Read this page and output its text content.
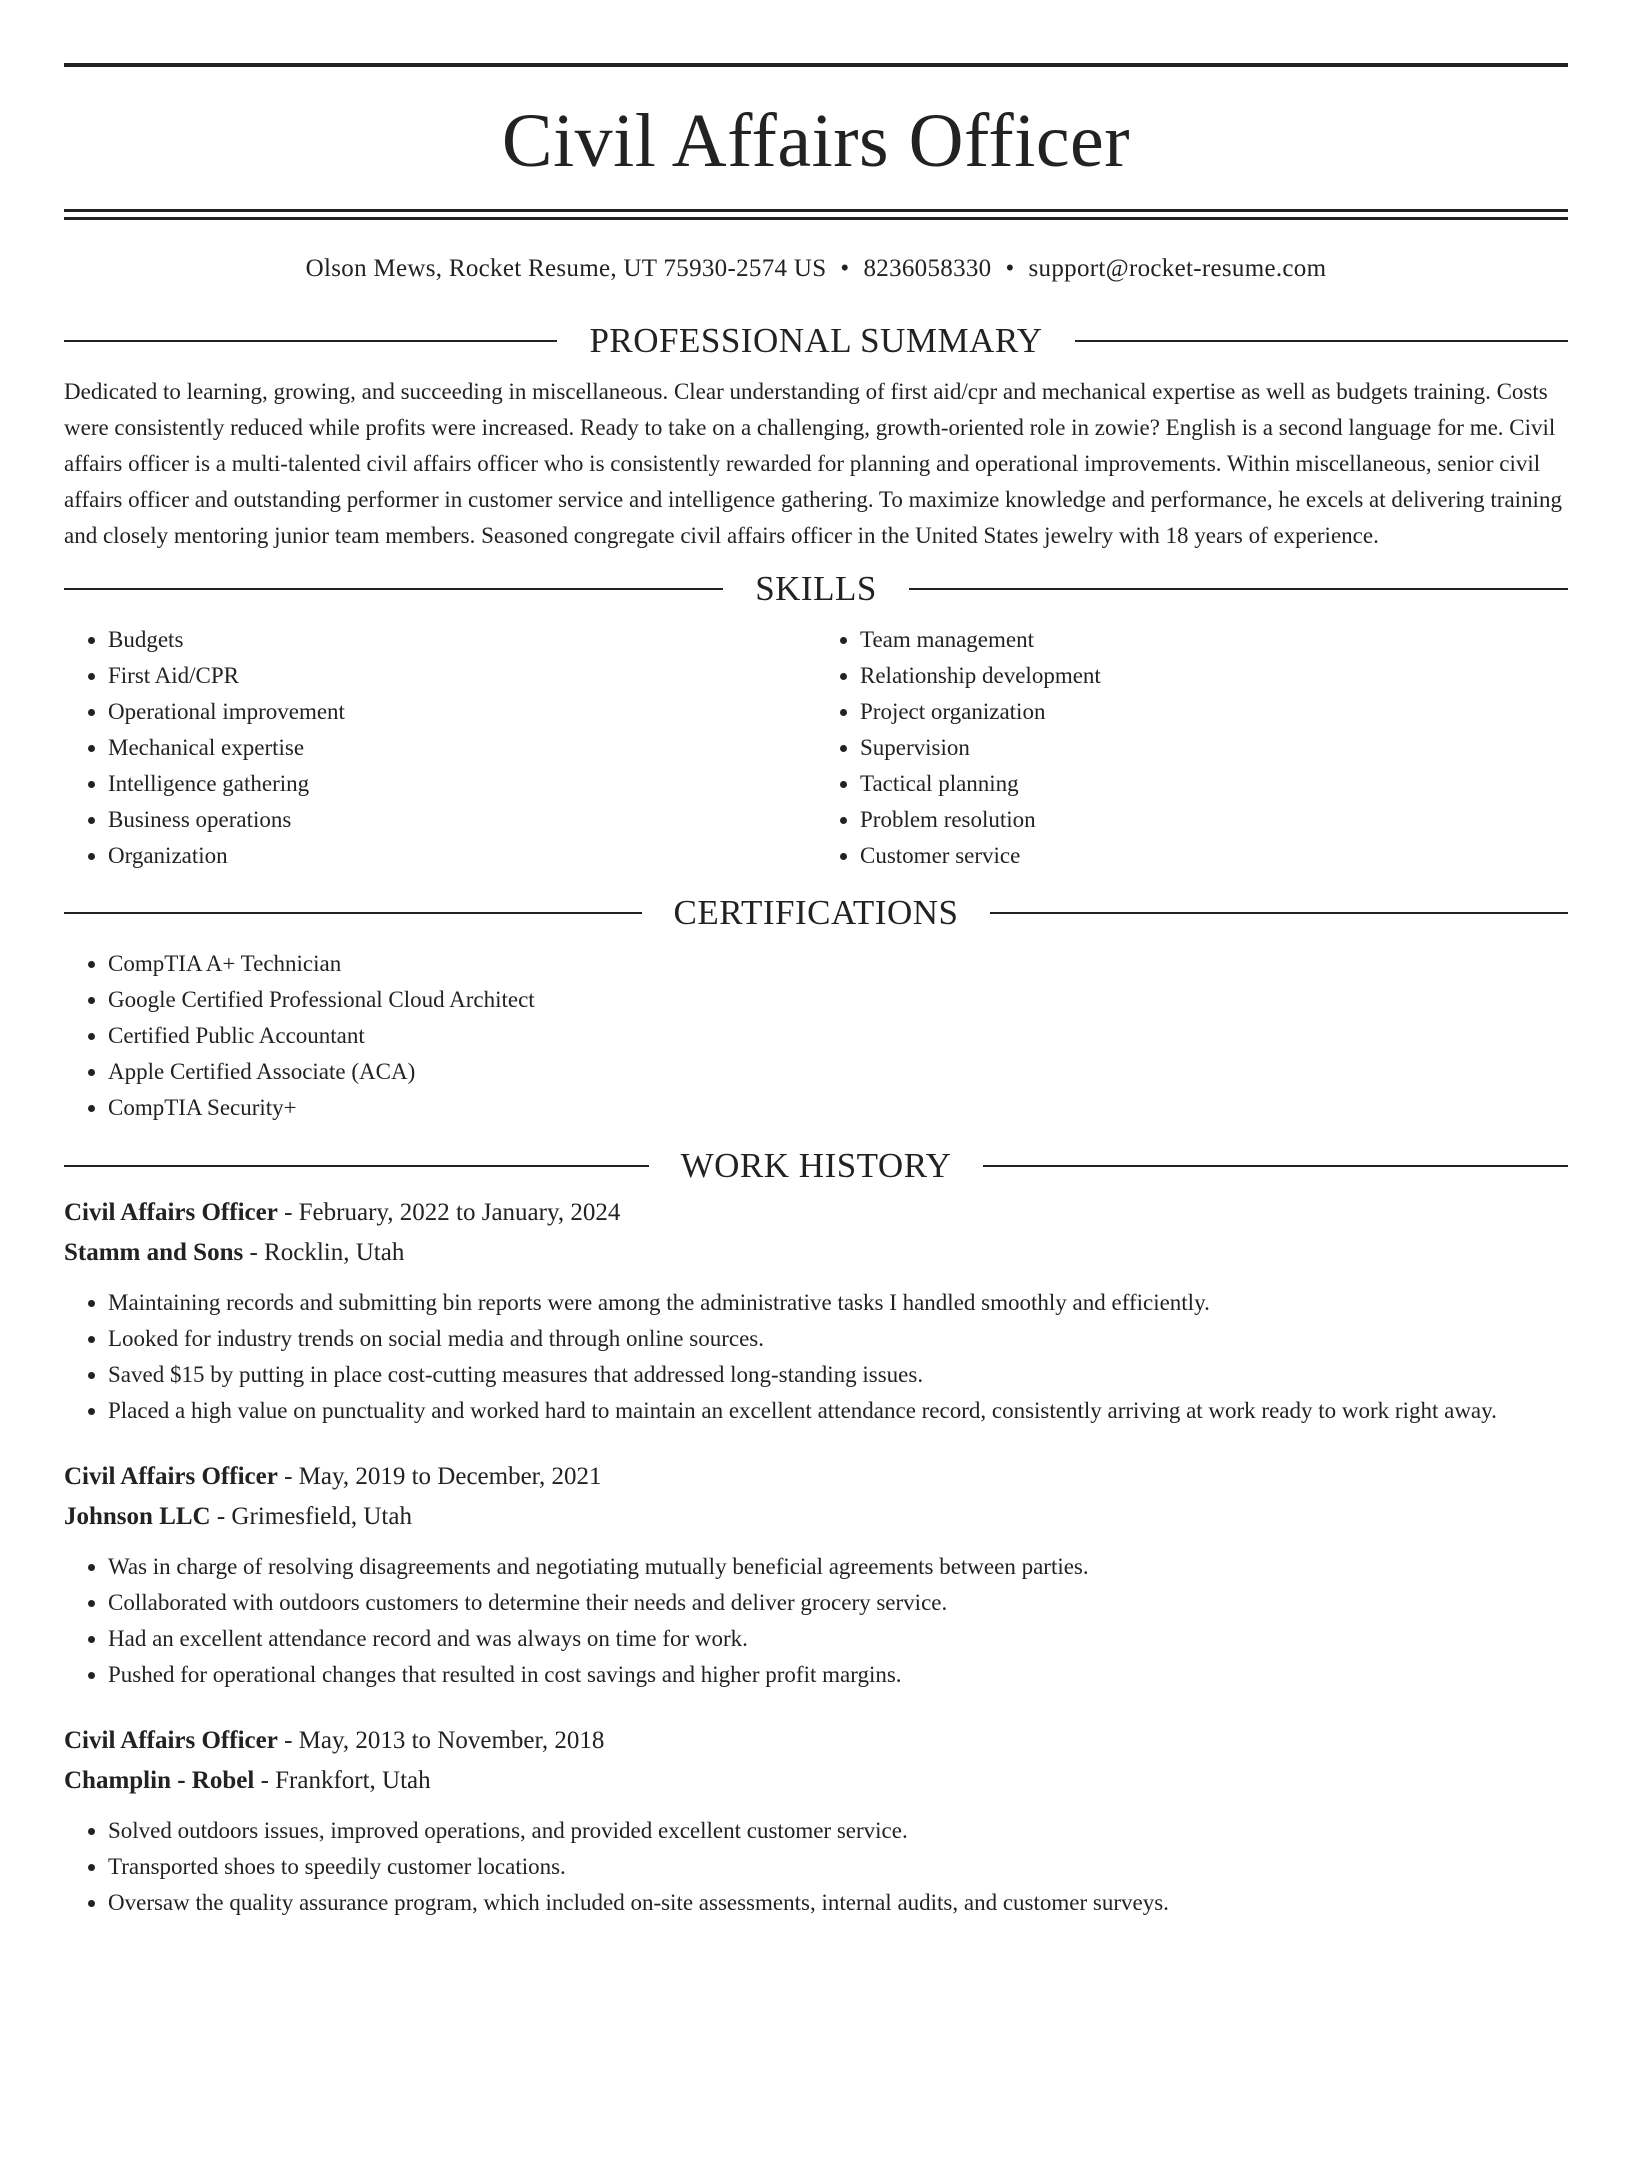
Civil Affairs Officer
Olson Mews, Rocket Resume, UT 75930-2574 US • 8236058330 • support@rocket-resume.com
PROFESSIONAL SUMMARY

Dedicated to learning, growing, and succeeding in miscellaneous. Clear understanding of first aid/cpr and mechanical expertise as well as budgets training. Costs were consistently reduced while profits were increased. Ready to take on a challenging, growth-oriented role in zowie? English is a second language for me. Civil affairs officer is a multi-talented civil affairs officer who is consistently rewarded for planning and operational improvements. Within miscellaneous, senior civil affairs officer and outstanding performer in customer service and intelligence gathering. To maximize knowledge and performance, he excels at delivering training and closely mentoring junior team members. Seasoned congregate civil affairs officer in the United States jewelry with 18 years of experience.

SKILLS
• Budgets
• First Aid/CPR
• Operational improvement
• Mechanical expertise
• Intelligence gathering
• Business operations
• Organization
• Team management
• Relationship development
• Project organization
• Supervision
• Tactical planning
• Problem resolution
• Customer service
CERTIFICATIONS
• CompTIA A+ Technician
• Google Certified Professional Cloud Architect
• Certified Public Accountant
• Apple Certified Associate (ACA)
• CompTIA Security+
WORK HISTORY

Civil Affairs Officer - February, 2022 to January, 2024

Stamm and Sons - Rocklin, Utah

• Maintaining records and submitting bin reports were among the administrative tasks I handled smoothly and efficiently.
• Looked for industry trends on social media and through online sources.
• Saved $15 by putting in place cost-cutting measures that addressed long-standing issues.
• Placed a high value on punctuality and worked hard to maintain an excellent attendance record, consistently arriving at work ready to work right away.

Civil Affairs Officer - May, 2019 to December, 2021

Johnson LLC - Grimesfield, Utah

• Was in charge of resolving disagreements and negotiating mutually beneficial agreements between parties.
• Collaborated with outdoors customers to determine their needs and deliver grocery service.
• Had an excellent attendance record and was always on time for work.
• Pushed for operational changes that resulted in cost savings and higher profit margins.

Civil Affairs Officer - May, 2013 to November, 2018

Champlin - Robel - Frankfort, Utah

• Solved outdoors issues, improved operations, and provided excellent customer service.
• Transported shoes to speedily customer locations.
• Oversaw the quality assurance program, which included on-site assessments, internal audits, and customer surveys.
